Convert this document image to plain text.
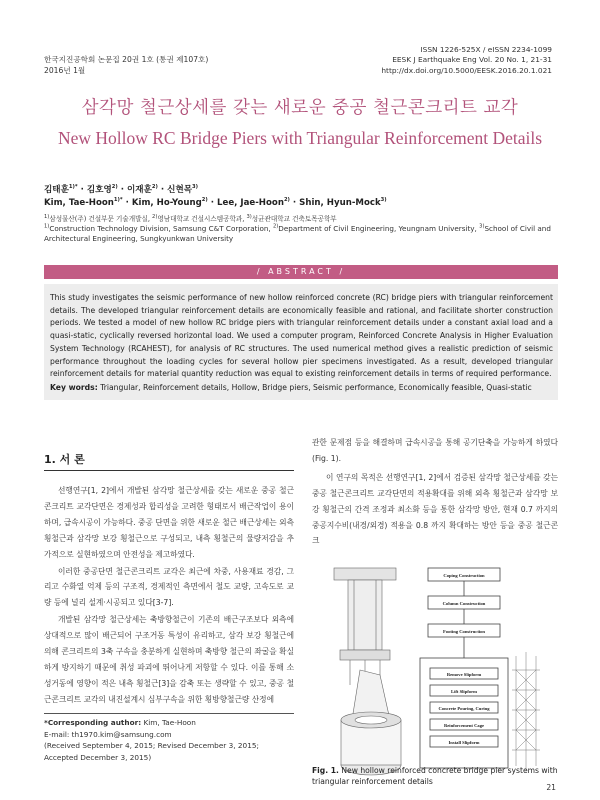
한국지진공학회 논문집 20권 1호 (통권 제107호)
2016년 1월
ISSN 1226-525X / eISSN 2234-1099
EESK J Earthquake Eng Vol. 20 No. 1, 21-31
http://dx.doi.org/10.5000/EESK.2016.20.1.021
삼각망 철근상세를 갖는 새로운 중공 철근콘크리트 교각
New Hollow RC Bridge Piers with Triangular Reinforcement Details
김태훈$^{1)*}$ · 김호영$^{2)}$ · 이재훈$^{2)}$ · 신현목$^{3)}$
Kim, Tae-Hoon$^{1)*}$ · Kim, Ho-Young$^{2)}$ · Lee, Jae-Hoon$^{2)}$ · Shin, Hyun-Mock$^{3)}$
$^{1)}$삼성물산(주) 건설부문 기술개발실, $^{2)}$영남대학교 건설시스템공학과, $^{3)}$성균관대학교 건축토목공학부
$^{1)}$Construction Technology Division, Samsung C&T Corporation, $^{2)}$Department of Civil Engineering, Yeungnam University, $^{3)}$School of Civil and Architectural Engineering, Sungkyunkwan University
/ ABSTRACT /
This study investigates the seismic performance of new hollow reinforced concrete (RC) bridge piers with triangular reinforcement details. The developed triangular reinforcement details are economically feasible and rational, and facilitate shorter construction periods. We tested a model of new hollow RC bridge piers with triangular reinforcement details under a constant axial load and a quasi-static, cyclically reversed horizontal load. We used a computer program, Reinforced Concrete Analysis in Higher Evaluation System Technology (RCAHEST), for analysis of RC structures. The used numerical method gives a realistic prediction of seismic performance throughout the loading cycles for several hollow pier specimens investigated. As a result, developed triangular reinforcement details for material quantity reduction was equal to existing reinforcement details in terms of required performance.
Key words: Triangular, Reinforcement details, Hollow, Bridge piers, Seismic performance, Economically feasible, Quasi-static
1. 서 론

선행연구[1, 2]에서 개발된 삼각망 철근상세를 갖는 새로운 중공 철근콘크리트 교각단면은 경제성과 합리성을 고려한 형태로서 배근작업이 용이하며, 급속시공이 가능하다. 중공 단면을 위한 새로운 철근 배근상세는 외측 횡철근과 삼각망 보강 횡철근으로 구성되고, 내측 횡철근의 물량저감을 추가적으로 실현하였으며 안전성을 제고하였다.

이러한 중공단면 철근콘크리트 교각은 최근에 차중, 사용재료 경감, 그리고 수화열 억제 등의 구조적, 경제적인 측면에서 철도 교량, 고속도로 교량 등에 널리 설계·시공되고 있다[3-7].

개발된 삼각망 철근상세는 축방향철근이 기존의 배근구조보다 외측에 상대적으로 많이 배근되어 구조거동 특성이 유리하고, 삼각 보강 횡철근에 의해 콘크리트의 3축 구속을 충분하게 실현하며 축방향 철근의 좌굴을 확실하게 방지하기 때문에 취성 파괴에 뛰어나게 저항할 수 있다. 이를 통해 소성거동에 영향이 적은 내측 횡철근[3]을 감축 또는 생략할 수 있고, 중공 철근콘크리트 교각의 내진설계시 심부구속을 위한 횡방향철근량 산정에

관한 문제점 등을 해결하며 급속시공을 통해 공기단축을 가능하게 하였다(Fig. 1).

이 연구의 목적은 선행연구[1, 2]에서 검증된 삼각망 철근상세를 갖는 중공 철근콘크리트 교각단면의 적용확대를 위해 외측 횡철근과 삼각망 보강 횡철근의 간격 조정과 최소화 등을 통한 삼각망 방안, 현재 0.7 까지의 중공지수비(내경/외경) 적용을 0.8 까지 확대하는 방안 등을 중공 철근콘크

Coping Construction
Column Construction
Footing Construction
Remove Slipform
Lift Slipform
Concrete Pouring, Curing
Reinforcement Cage
Install Slipform
Fig. 1. New hollow reinforced concrete bridge pier systems with triangular reinforcement details
*Corresponding author: Kim, Tae-Hoon
E-mail: th1970.kim@samsung.com
(Received September 4, 2015; Revised December 3, 2015; Accepted December 3, 2015)
21
